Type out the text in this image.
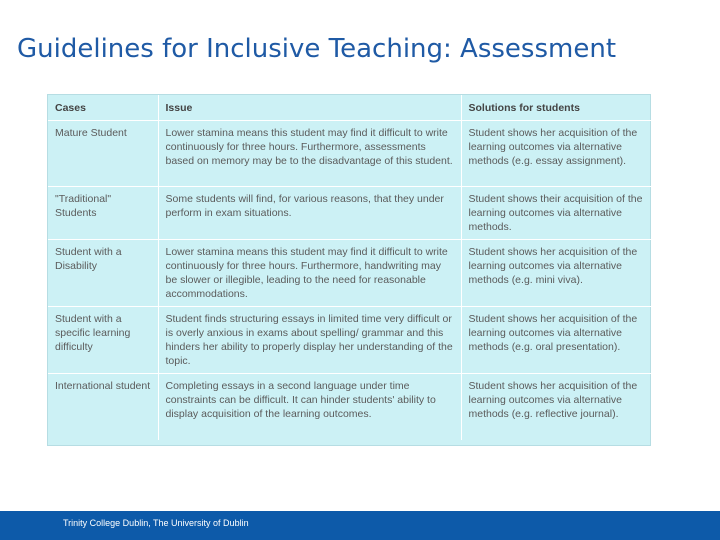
Guidelines for Inclusive Teaching: Assessment
Cases	Issue	Solutions for students
Mature Student	Lower stamina means this student may find it difficult to write continuously for three hours. Furthermore, assessments based on memory may be to the disadvantage of this student.	Student shows her acquisition of the learning outcomes via alternative methods (e.g. essay assignment).
"Traditional" Students	Some students will find, for various reasons, that they under perform in exam situations.	Student shows their acquisition of the learning outcomes via alternative methods.
Student with a Disability	Lower stamina means this student may find it difficult to write continuously for three hours. Furthermore, handwriting may be slower or illegible, leading to the need for reasonable accommodations.	Student shows her acquisition of the learning outcomes via alternative methods (e.g. mini viva).
Student with a specific learning difficulty	Student finds structuring essays in limited time very difficult or is overly anxious in exams about spelling/ grammar and this hinders her ability to properly display her understanding of the topic.	Student shows her acquisition of the learning outcomes via alternative methods (e.g. oral presentation).
International student	Completing essays in a second language under time constraints can be difficult. It can hinder students' ability to display acquisition of the learning outcomes.	Student shows her acquisition of the learning outcomes via alternative methods (e.g. reflective journal).
Trinity College Dublin, The University of Dublin
